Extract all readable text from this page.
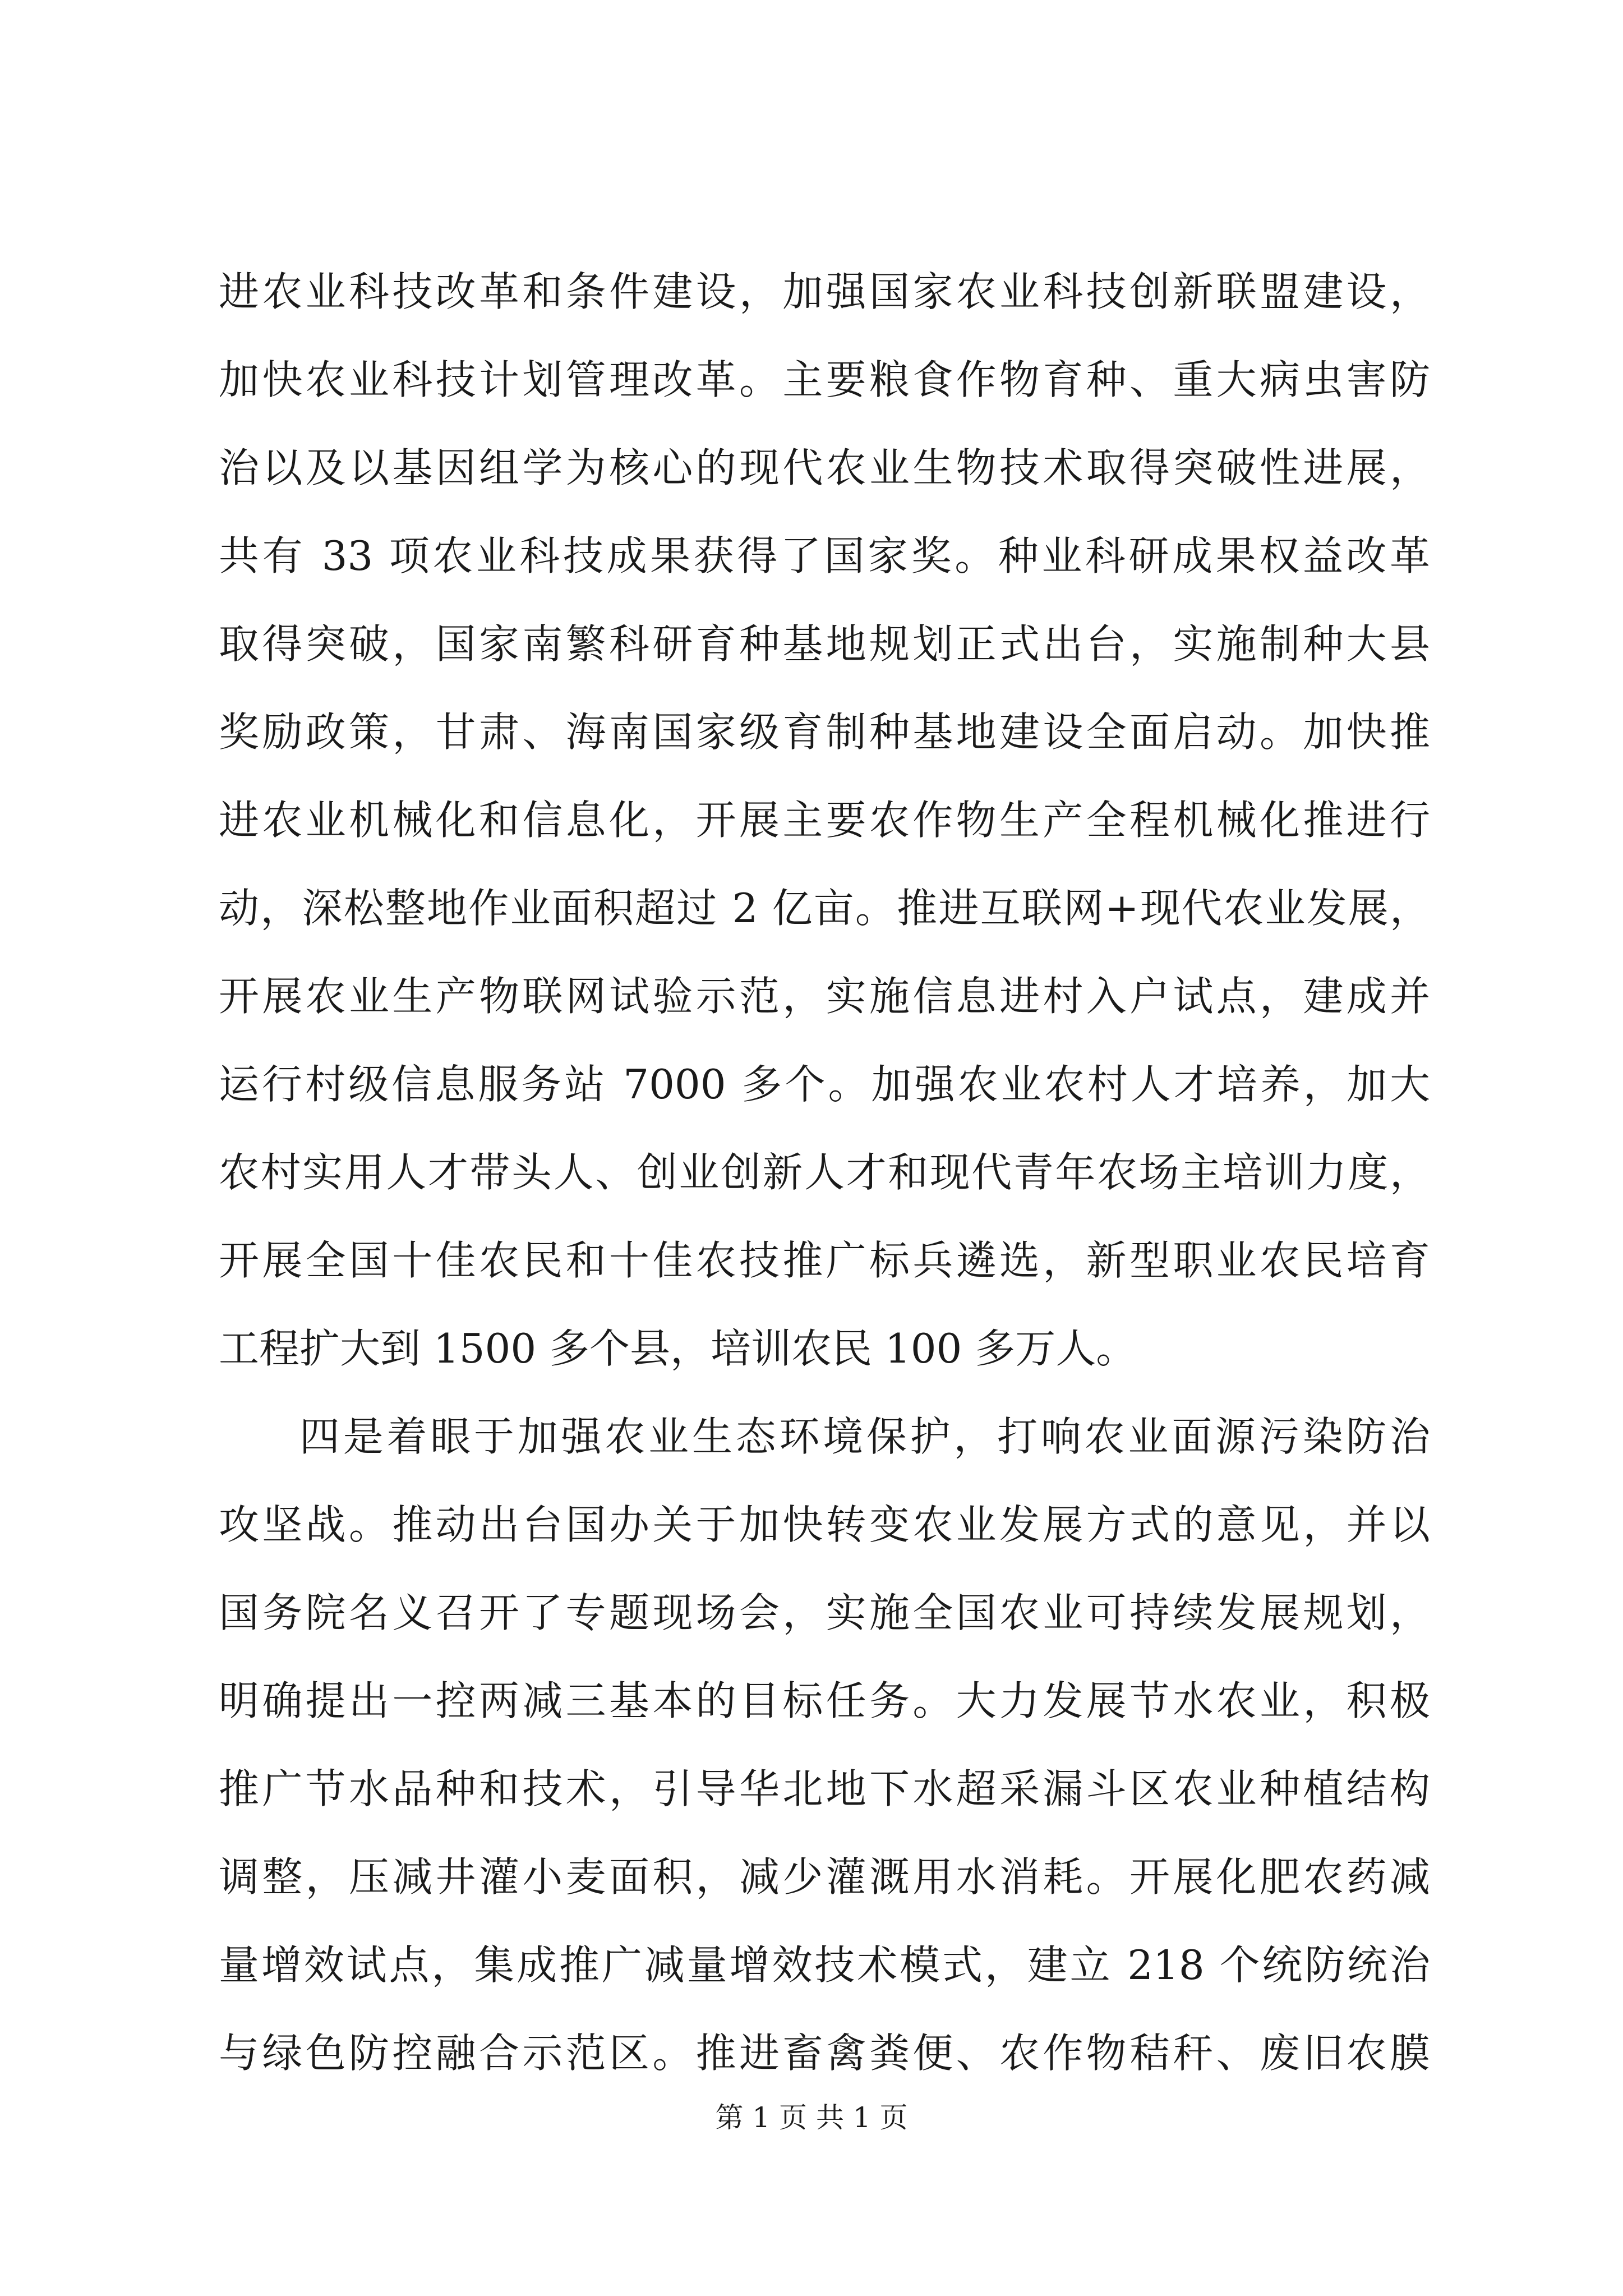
进农业科技改革和条件建设，加强国家农业科技创新联盟建设，
加快农业科技计划管理改革。主要粮食作物育种、重大病虫害防
治以及以基因组学为核心的现代农业生物技术取得突破性进展，
共有 33 项农业科技成果获得了国家奖。种业科研成果权益改革
取得突破，国家南繁科研育种基地规划正式出台，实施制种大县
奖励政策，甘肃、海南国家级育制种基地建设全面启动。加快推
进农业机械化和信息化，开展主要农作物生产全程机械化推进行
动，深松整地作业面积超过 2 亿亩。推进互联网+现代农业发展，
开展农业生产物联网试验示范，实施信息进村入户试点，建成并
运行村级信息服务站 7000 多个。加强农业农村人才培养，加大
农村实用人才带头人、创业创新人才和现代青年农场主培训力度，
开展全国十佳农民和十佳农技推广标兵遴选，新型职业农民培育
工程扩大到 1500 多个县，培训农民 100 多万人。
四是着眼于加强农业生态环境保护，打响农业面源污染防治
攻坚战。推动出台国办关于加快转变农业发展方式的意见，并以
国务院名义召开了专题现场会，实施全国农业可持续发展规划，
明确提出一控两减三基本的目标任务。大力发展节水农业，积极
推广节水品种和技术，引导华北地下水超采漏斗区农业种植结构
调整，压减井灌小麦面积，减少灌溉用水消耗。开展化肥农药减
量增效试点，集成推广减量增效技术模式，建立 218 个统防统治
与绿色防控融合示范区。推进畜禽粪便、农作物秸秆、废旧农膜
第 1 页 共 1 页
